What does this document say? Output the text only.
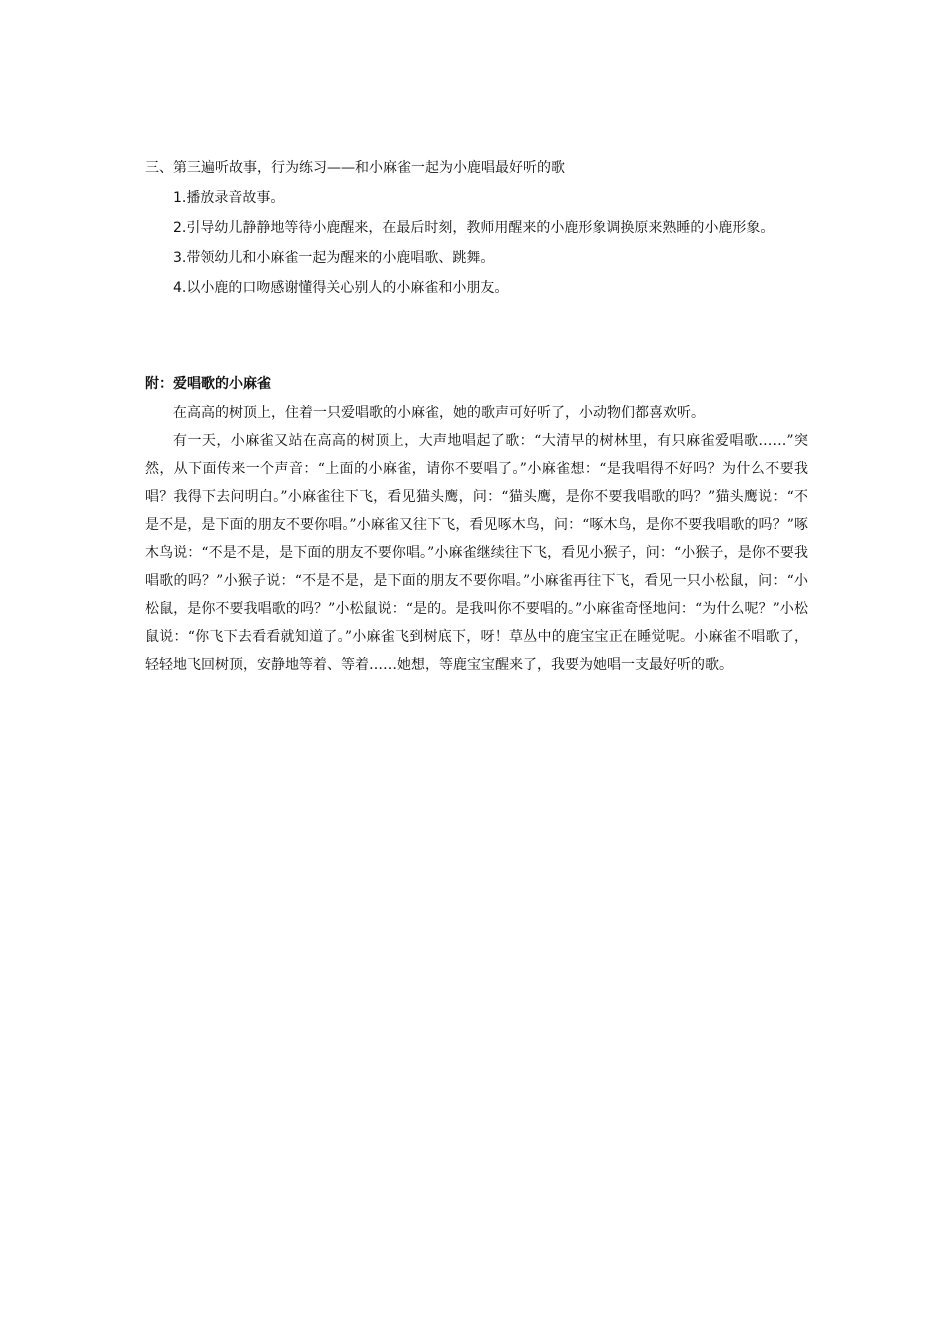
三、第三遍听故事，行为练习——和小麻雀一起为小鹿唱最好听的歌

1.播放录音故事。
2.引导幼儿静静地等待小鹿醒来，在最后时刻，教师用醒来的小鹿形象调换原来熟睡的小鹿形象。
3.带领幼儿和小麻雀一起为醒来的小鹿唱歌、跳舞。
4.以小鹿的口吻感谢懂得关心别人的小麻雀和小朋友。

附：爱唱歌的小麻雀

在高高的树顶上，住着一只爱唱歌的小麻雀，她的歌声可好听了，小动物们都喜欢听。

有一天，小麻雀又站在高高的树顶上，大声地唱起了歌：“大清早的树林里，有只麻雀爱唱歌……”突然，从下面传来一个声音：“上面的小麻雀，请你不要唱了。”小麻雀想：“是我唱得不好吗？为什么不要我唱？我得下去问明白。”小麻雀往下飞，看见猫头鹰，问：“猫头鹰，是你不要我唱歌的吗？”猫头鹰说：“不是不是，是下面的朋友不要你唱。”小麻雀又往下飞，看见啄木鸟，问：“啄木鸟，是你不要我唱歌的吗？”啄木鸟说：“不是不是，是下面的朋友不要你唱。”小麻雀继续往下飞，看见小猴子，问：“小猴子，是你不要我唱歌的吗？”小猴子说：“不是不是，是下面的朋友不要你唱。”小麻雀再往下飞，看见一只小松鼠，问：“小松鼠，是你不要我唱歌的吗？”小松鼠说：“是的。是我叫你不要唱的。”小麻雀奇怪地问：“为什么呢？”小松鼠说：“你飞下去看看就知道了。”小麻雀飞到树底下，呀！草丛中的鹿宝宝正在睡觉呢。小麻雀不唱歌了，轻轻地飞回树顶，安静地等着、等着……她想，等鹿宝宝醒来了，我要为她唱一支最好听的歌。
